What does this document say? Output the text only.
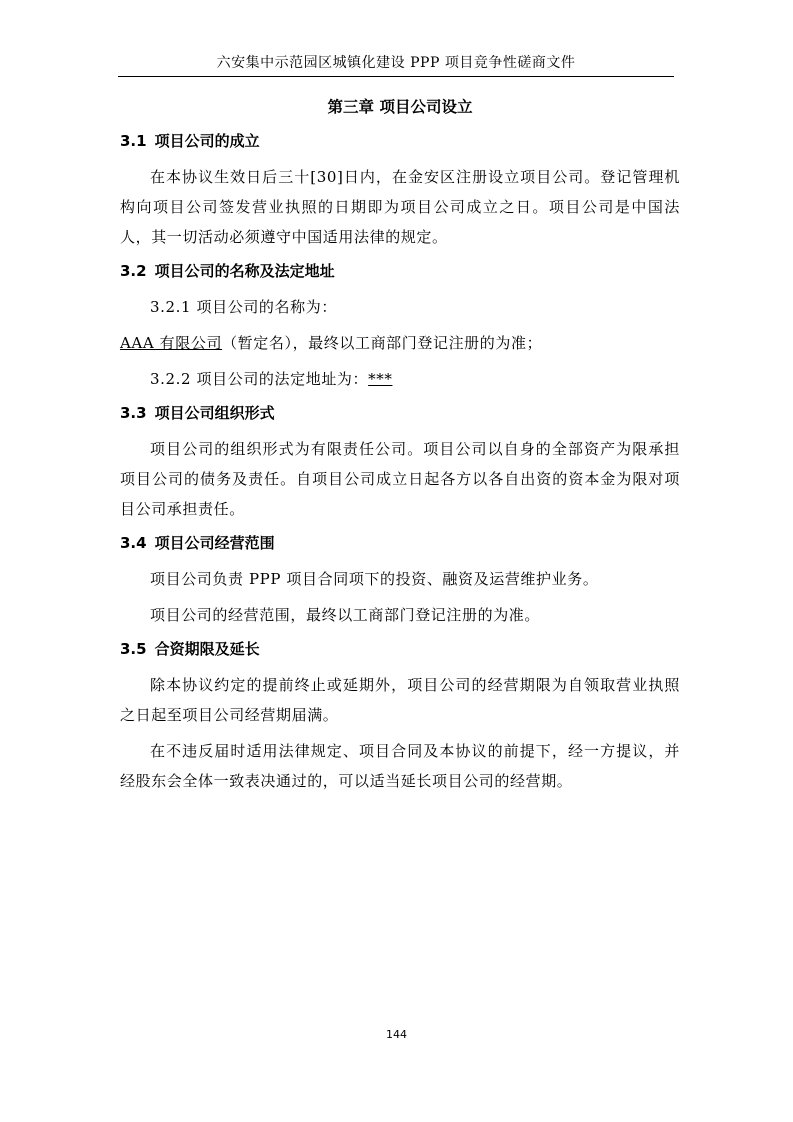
六安集中示范园区城镇化建设 PPP 项目竞争性磋商文件
第三章 项目公司设立
3.1 项目公司的成立

在本协议生效日后三十[30]日内，在金安区注册设立项目公司。登记管理机构向项目公司签发营业执照的日期即为项目公司成立之日。项目公司是中国法人，其一切活动必须遵守中国适用法律的规定。

3.2 项目公司的名称及法定地址

3.2.1 项目公司的名称为：

AAA 有限公司（暂定名），最终以工商部门登记注册的为准；

3.2.2 项目公司的法定地址为：***

3.3 项目公司组织形式

项目公司的组织形式为有限责任公司。项目公司以自身的全部资产为限承担项目公司的债务及责任。自项目公司成立日起各方以各自出资的资本金为限对项目公司承担责任。

3.4 项目公司经营范围

项目公司负责 PPP 项目合同项下的投资、融资及运营维护业务。

项目公司的经营范围，最终以工商部门登记注册的为准。

3.5 合资期限及延长

除本协议约定的提前终止或延期外，项目公司的经营期限为自领取营业执照之日起至项目公司经营期届满。

在不违反届时适用法律规定、项目合同及本协议的前提下，经一方提议，并经股东会全体一致表决通过的，可以适当延长项目公司的经营期。

144
